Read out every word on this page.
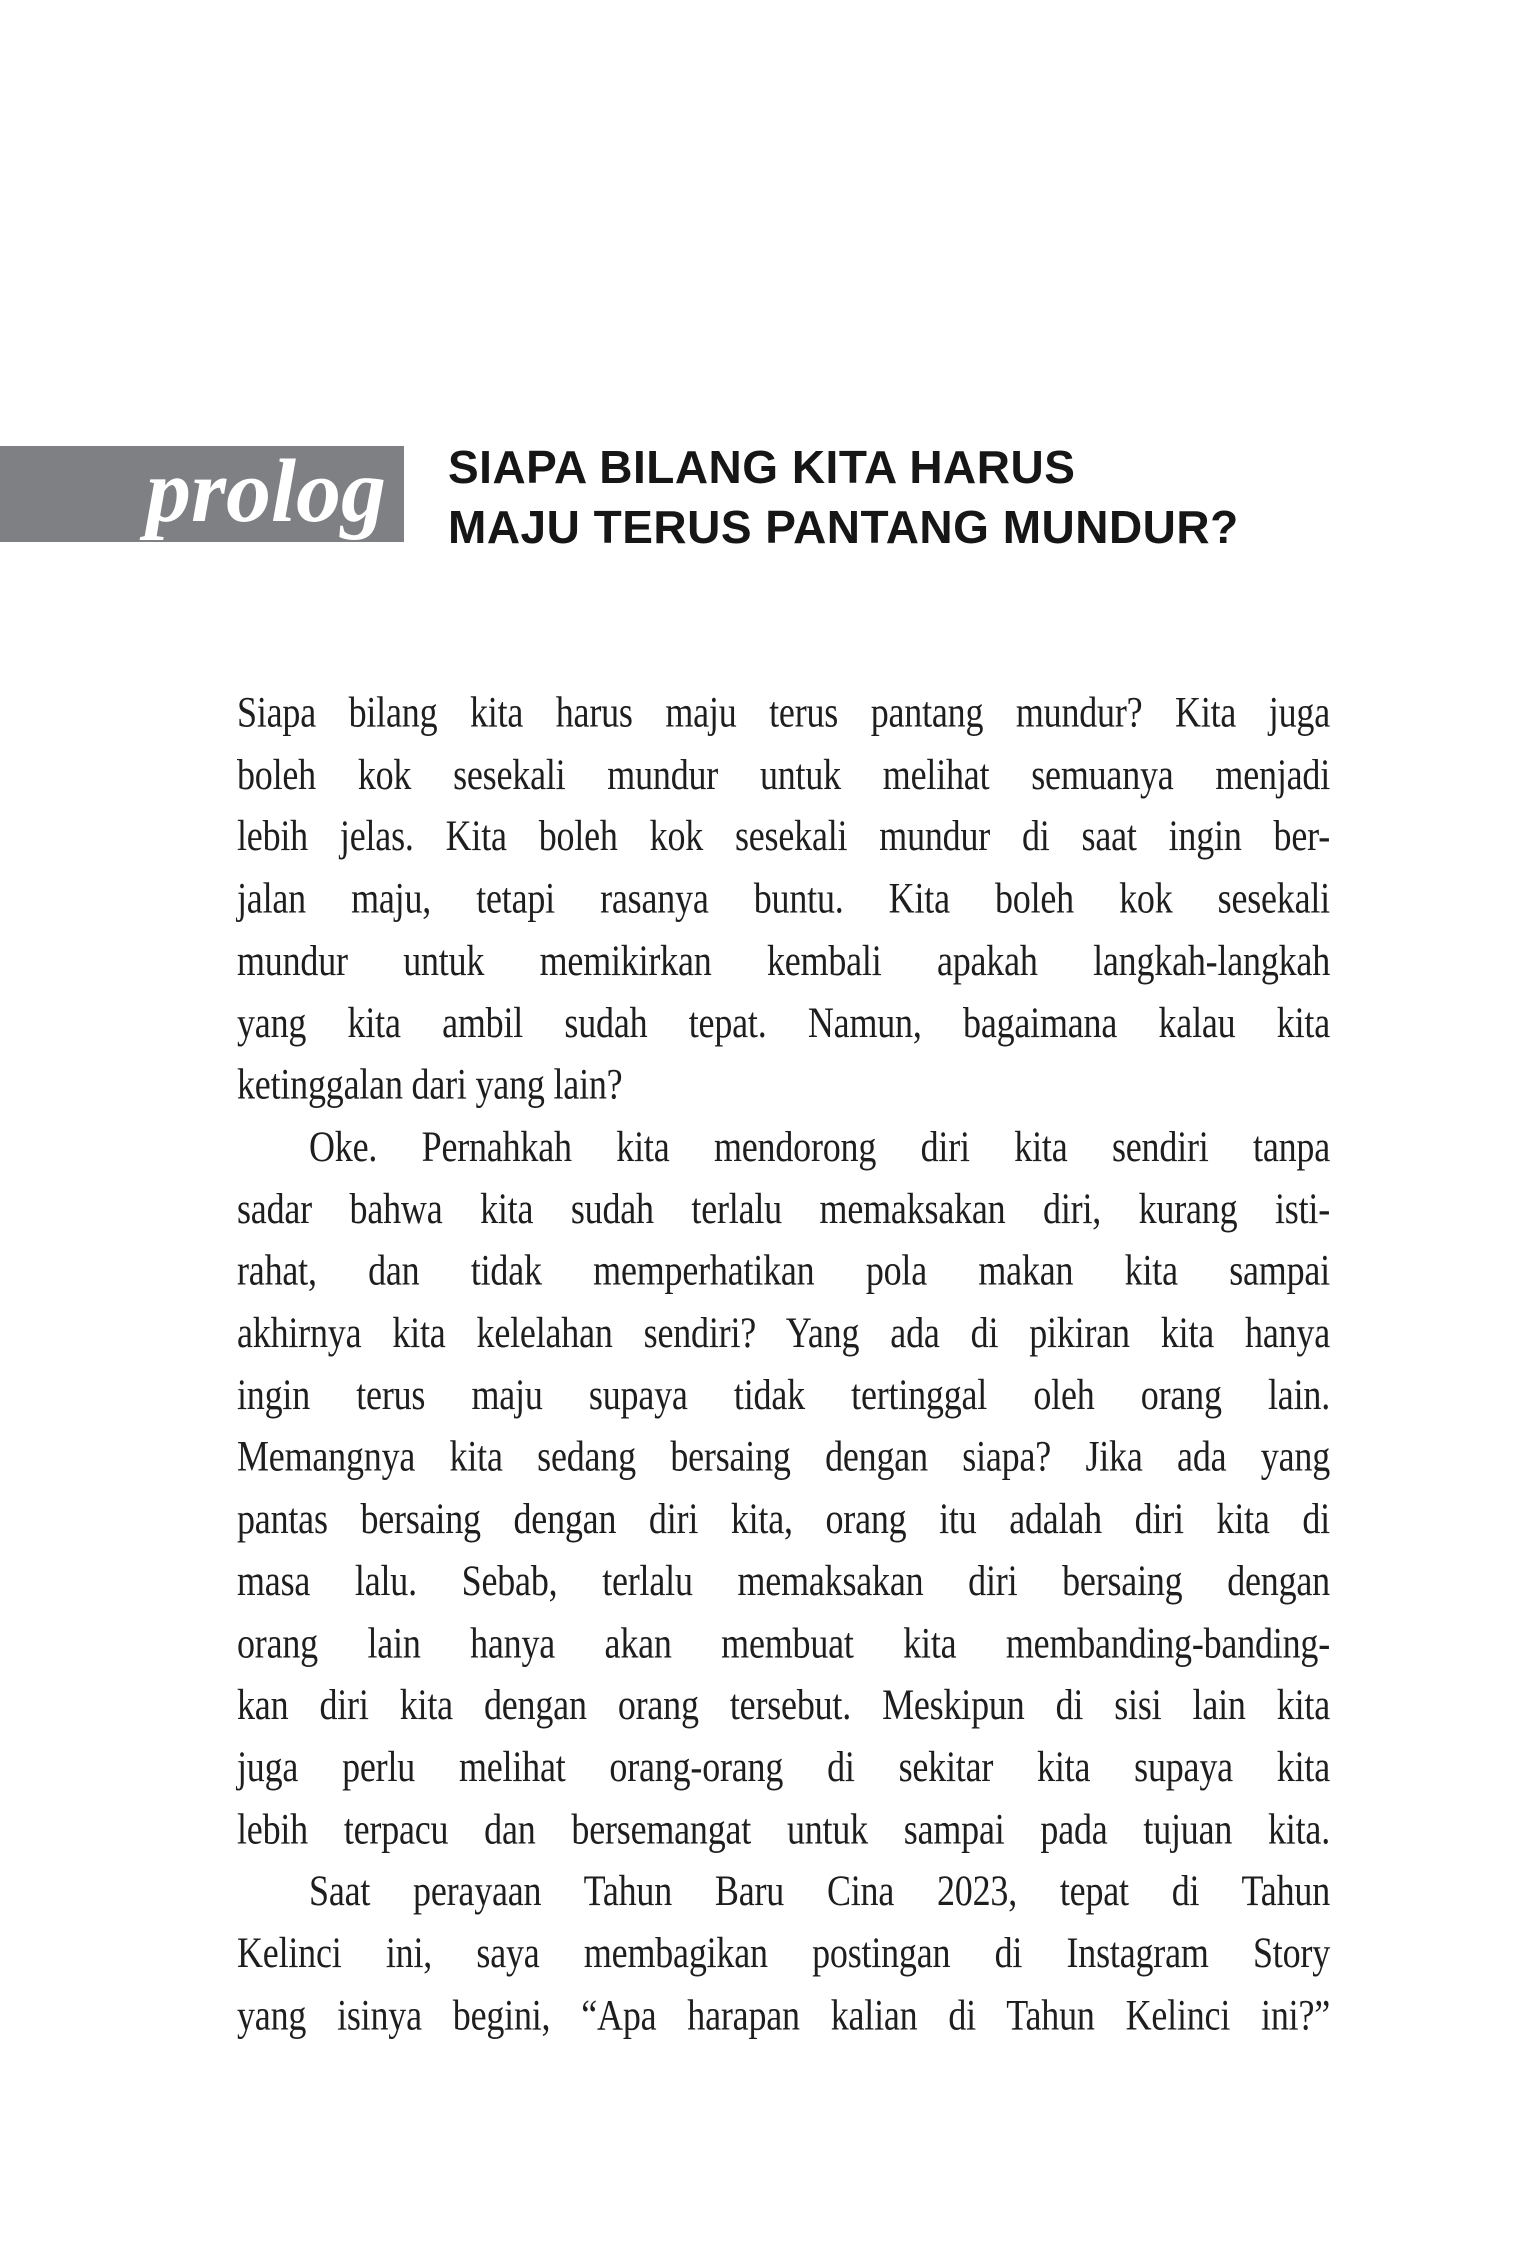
prolog SIAPA BILANG KITA HARUS
MAJU TERUS PANTANG MUNDUR?
Siapa bilang kita harus maju terus pantang mundur? Kita juga
boleh kok sesekali mundur untuk melihat semuanya menjadi
lebih jelas. Kita boleh kok sesekali mundur di saat ingin ber-
jalan maju, tetapi rasanya buntu. Kita boleh kok sesekali
mundur untuk memikirkan kembali apakah langkah-langkah
yang kita ambil sudah tepat. Namun, bagaimana kalau kita
ketinggalan dari yang lain?
Oke. Pernahkah kita mendorong diri kita sendiri tanpa
sadar bahwa kita sudah terlalu memaksakan diri, kurang isti-
rahat, dan tidak memperhatikan pola makan kita sampai
akhirnya kita kelelahan sendiri? Yang ada di pikiran kita hanya
ingin terus maju supaya tidak tertinggal oleh orang lain.
Memangnya kita sedang bersaing dengan siapa? Jika ada yang
pantas bersaing dengan diri kita, orang itu adalah diri kita di
masa lalu. Sebab, terlalu memaksakan diri bersaing dengan
orang lain hanya akan membuat kita membanding-banding-
kan diri kita dengan orang tersebut. Meskipun di sisi lain kita
juga perlu melihat orang-orang di sekitar kita supaya kita
lebih terpacu dan bersemangat untuk sampai pada tujuan kita.
Saat perayaan Tahun Baru Cina 2023, tepat di Tahun
Kelinci ini, saya membagikan postingan di Instagram Story
yang isinya begini, “Apa harapan kalian di Tahun Kelinci ini?”
